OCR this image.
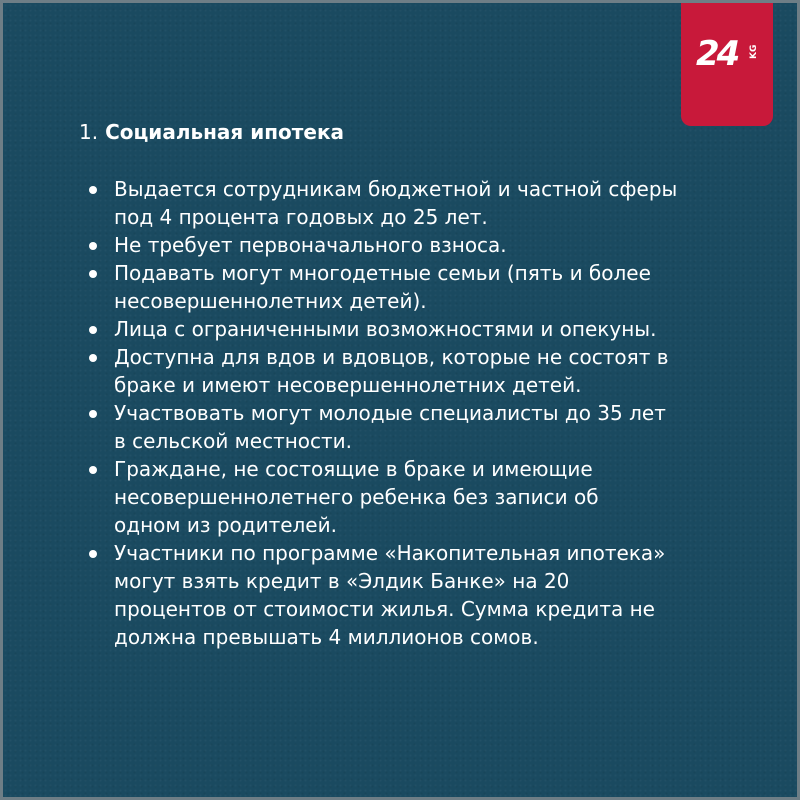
24 KG
1. Социальная ипотека
Выдается сотрудникам бюджетной и частной сферы
под 4 процента годовых до 25 лет.
Не требует первоначального взноса.
Подавать могут многодетные семьи (пять и более
несовершеннолетних детей).
Лица с ограниченными возможностями и опекуны.
Доступна для вдов и вдовцов, которые не состоят в
браке и имеют несовершеннолетних детей.
Участвовать могут молодые специалисты до 35 лет
в сельской местности.
Граждане, не состоящие в браке и имеющие
несовершеннолетнего ребенка без записи об
одном из родителей.
Участники по программе «Накопительная ипотека»
могут взять кредит в «Элдик Банке» на 20
процентов от стоимости жилья. Сумма кредита не
должна превышать 4 миллионов сомов.
